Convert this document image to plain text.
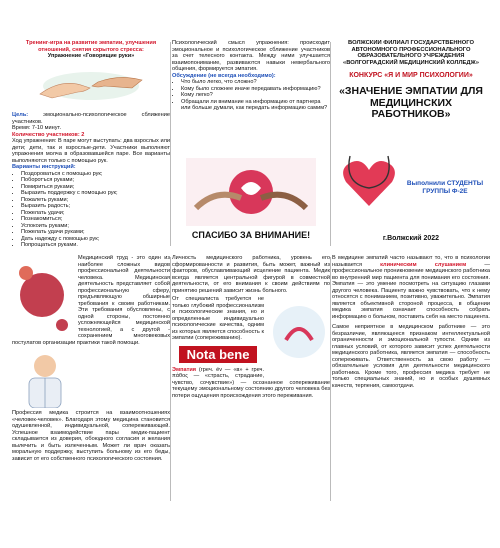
Тренинг-игра на развитие эмпатии, улучшения отношений, снятия скрытого стресса:

Упражнение «Говорящие руки»

Цель:	эмоционально-психологическое сближение участников.

Время: 7-10 минут.

Количество участников: 2

Ход упражнения: В паре могут выступать: два взрослых или дети; дети, так и взрослые-дети. Участники выполняют упражнения молча в образовавшейся паре. Все варианты выполняются только с помощью рук.

Варианты инструкций:

• Поздороваться с помощью рук;
• Поборотъся руками;
• Помириться руками;
• Выразить поддержку с помощью рук;
• Пожалеть руками;
• Выразить радость;
• Пожелать удачи;
• Познакомиться;
• Успокоить руками;
• Пожелать удачи руками;
• Дать надежду с помощью рук;
• Попрощаться руками.

Психологический смысл упражнения: происходит эмоциональное и психологическое сближение участников за счет телесного контакта. Между ними улучшается взаимопонимание, развиваются навыки невербального общения, формируется эмпатия.

Обсуждение (не всегда необходимо):

• Что было легко, что сложно?
• Кому было сложнее иначе передавать информацию?
• Кому легко?
• Обращали ли внимание на информацию от партнера или больше думали, как передать информацию самим?

СПАСИБО ЗА ВНИМАНИЕ!

ВОЛЖСКИЙ ФИЛИАЛ ГОСУДАРСТВЕННОГО АВТОНОМНОГО ПРОФЕССИОНАЛЬНОГО ОБРАЗОВАТЕЛЬНОГО УЧРЕЖДЕНИЯ «ВОЛГОГРАДСКИЙ МЕДИЦИНСКИЙ КОЛЛЕДЖ»

КОНКУРС «Я И МИР ПСИХОЛОГИИ»

«ЗНАЧЕНИЕ ЭМПАТИИ ДЛЯ МЕДИЦИНСКИХ РАБОТНИКОВ»

Выполнили СТУДЕНТЫ ГРУППЫ Ф-2Е

г.Волжский 2022

Медицинский труд - это один из наиболее сложных видов профессиональной деятельности человека. Медицинская деятельность представляет собой профессиональную сферу, предъявляющую обширные требования к своим работникам. Эти требования обусловлены, с одной стороны, постоянно усложняющейся медицинской технологией, а с другой - сохранением многовековых постулатов организации практики такой помощи.

Профессия медика строится на взаимоотношениях «человек-человек». Благодаря этому медицина становится одушевленной, индивидуальной, сопереживающей. Успешное взаимодействие пары медик-пациент складывается из доверия, обоюдного согласия и желания вылечить и быть излеченным. Может ли врач оказать моральную поддержку, выступить больному из его беды, зависит от его собственного психологического состояния.

Личность медицинского работника, уровень его сформированности и развития, быть может, важный из факторов, обуславливающий исцеление пациента. Медик всегда является центральной фигурой в совместной деятельности, от его внимания к своим действиям по принятию решений зависит жизнь больного.

От специалиста требуется не только глубокий профессионализм и психологические знания, но и определенные индивидуально психологические качества, одним из которых является способность к эмпатии (сопереживанию).

Nota bene

Эмпатия (греч. év — «в» + греч. πάθος — «страсть, страдание, чувство, сочувствие») — осознанное сопереживание текущему эмоциональному состоянию другого человека без потери ощущения происхождения этого переживания.

В медицине эмпатий часто называют то, что в психологии называется	клиническим слушанием	— профессиональное проникновение медицинского работника во внутренний мир пациента для понимания его состояния. Эмпатия — это умение посмотреть на ситуацию глазами другого человека. Пациенту важно чувствовать, что к нему относятся с пониманием, позитивно, уважительно. Эмпатия является объективной стороной процесса, в общении медика эмпатия означает способность собрать информацию о больном, поставить себя на место пациента.

Самое неприятное в медицинском работнике — это безразличие, являющееся признаком интеллектуальной ограниченности и эмоциональной тупости. Одним из главных условий, от которого зависит успех деятельности медицинского работника, является эмпатия — способность сопереживать. Ответственность за свою работу — обязательные условия для деятельности медицинского работника. Кроме того, профессия медика требует не только специальных знаний, но и особых душевных качеств, терпения, самоотдачи.
